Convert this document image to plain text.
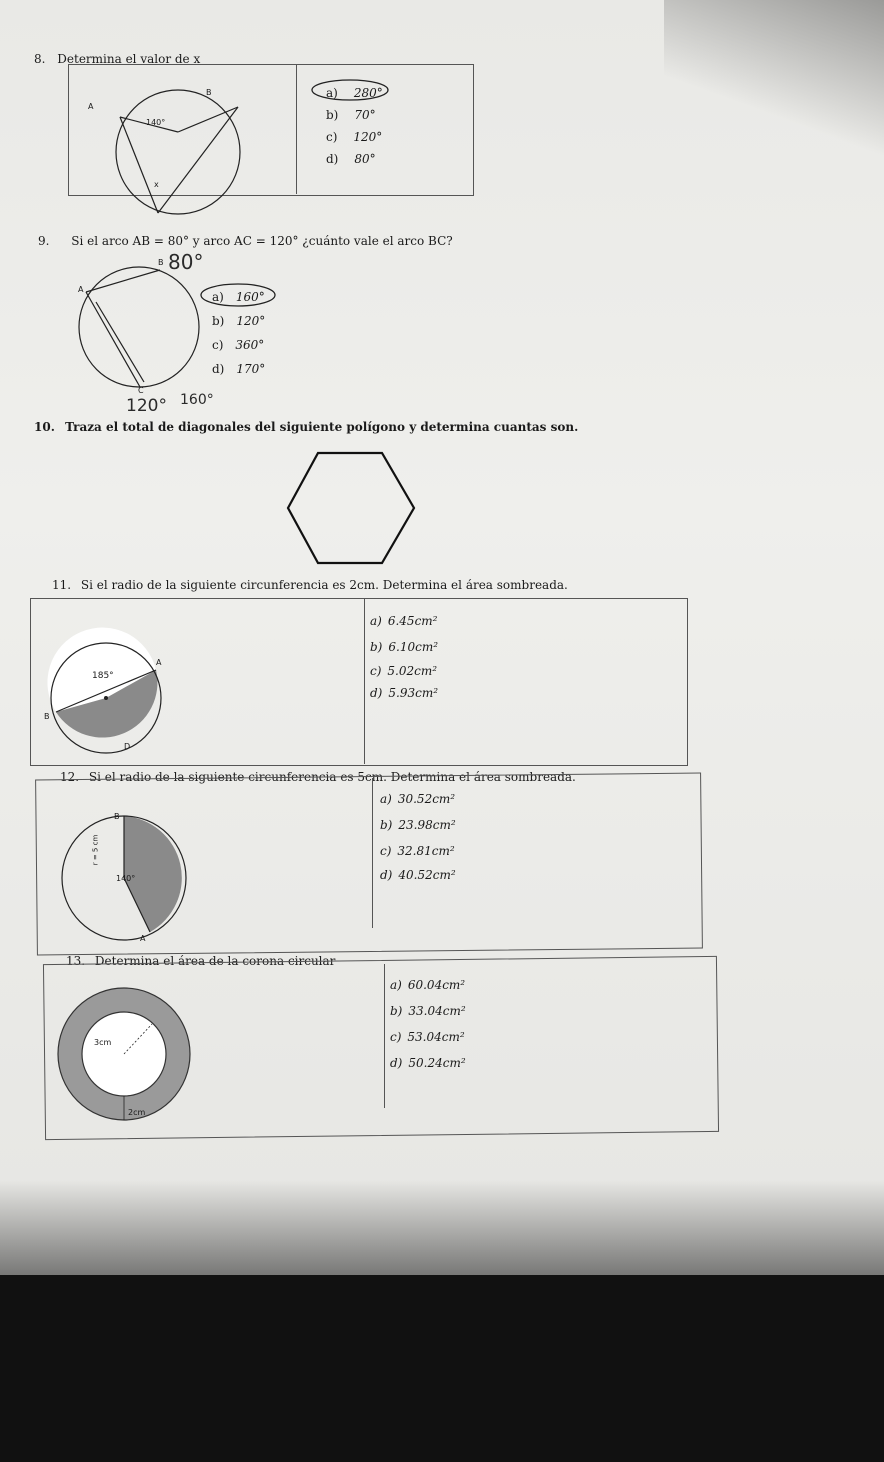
8. Determina el valor de x
140°
A
B
x
a) 280°
b) 70°
c) 120°
d) 80°
9. Si el arco AB = 80° y arco AC = 120° ¿cuánto vale el arco BC?
A
B
C
80°
120° 160°
a) 160°
b) 120°
c) 360°
d) 170°
10. Traza el total de diagonales del siguiente polígono y determina cuantas son.
11. Si el radio de la siguiente circunferencia es 2cm. Determina el área sombreada.
185°
A
B
D
a) 6.45cm²
b) 6.10cm²
c) 5.02cm²
d) 5.93cm²
12. Si el radio de la siguiente circunferencia es 5cm. Determina el área sombreada.
B
A
140°
r = 5 cm
a) 30.52cm²
b) 23.98cm²
c) 32.81cm²
d) 40.52cm²
13. Determina el área de la corona circular
3cm
2cm
a) 60.04cm²
b) 33.04cm²
c) 53.04cm²
d) 50.24cm²
